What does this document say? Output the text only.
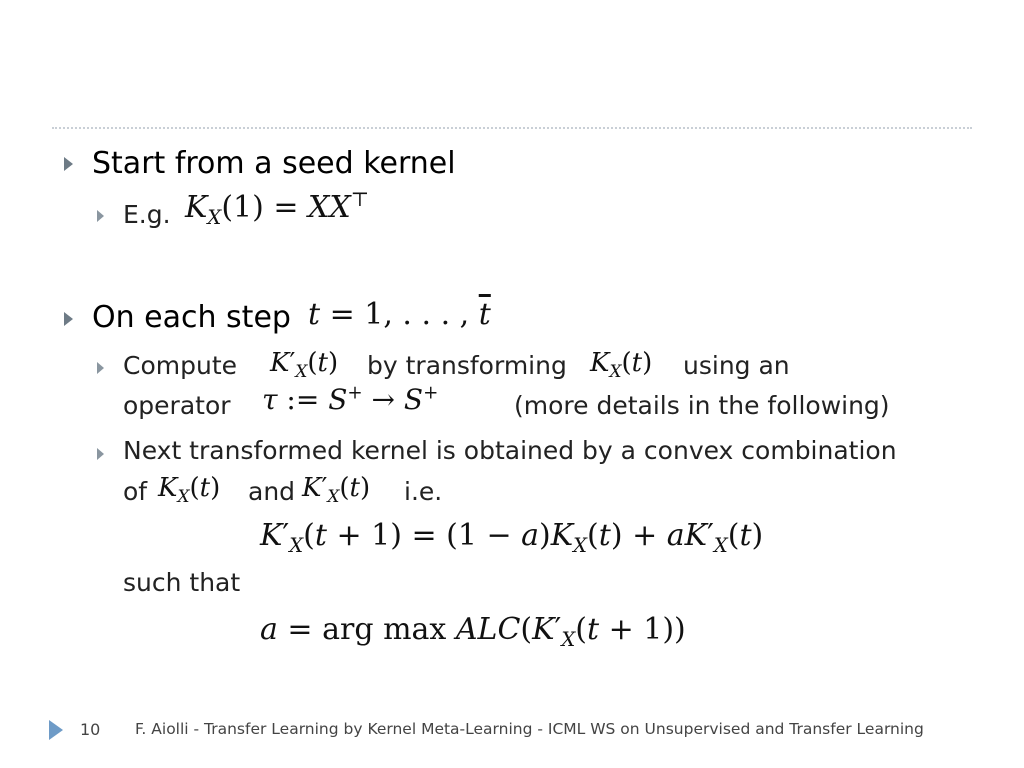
Start from a seed kernel
E.g. $K_X(1) = XX^⊤$
On each step t = 1, . . . , $\overline{t}$
Compute $K'_X(t)$ by transforming $K_X(t)$ using an
operator τ := S+ → S+	(more details in the following)
Next transformed kernel is obtained by a convex combination
of $K_X(t)$ and $K'_X(t)$ i.e.
$K'_X(t + 1) = (1 - a)K_X(t) + aK'_X(t)$
such that
a = arg $\max ALC(K'_X(t + 1))$
10 F. Aiolli - Transfer Learning by Kernel Meta-Learning - ICML WS on Unsupervised and Transfer Learning
